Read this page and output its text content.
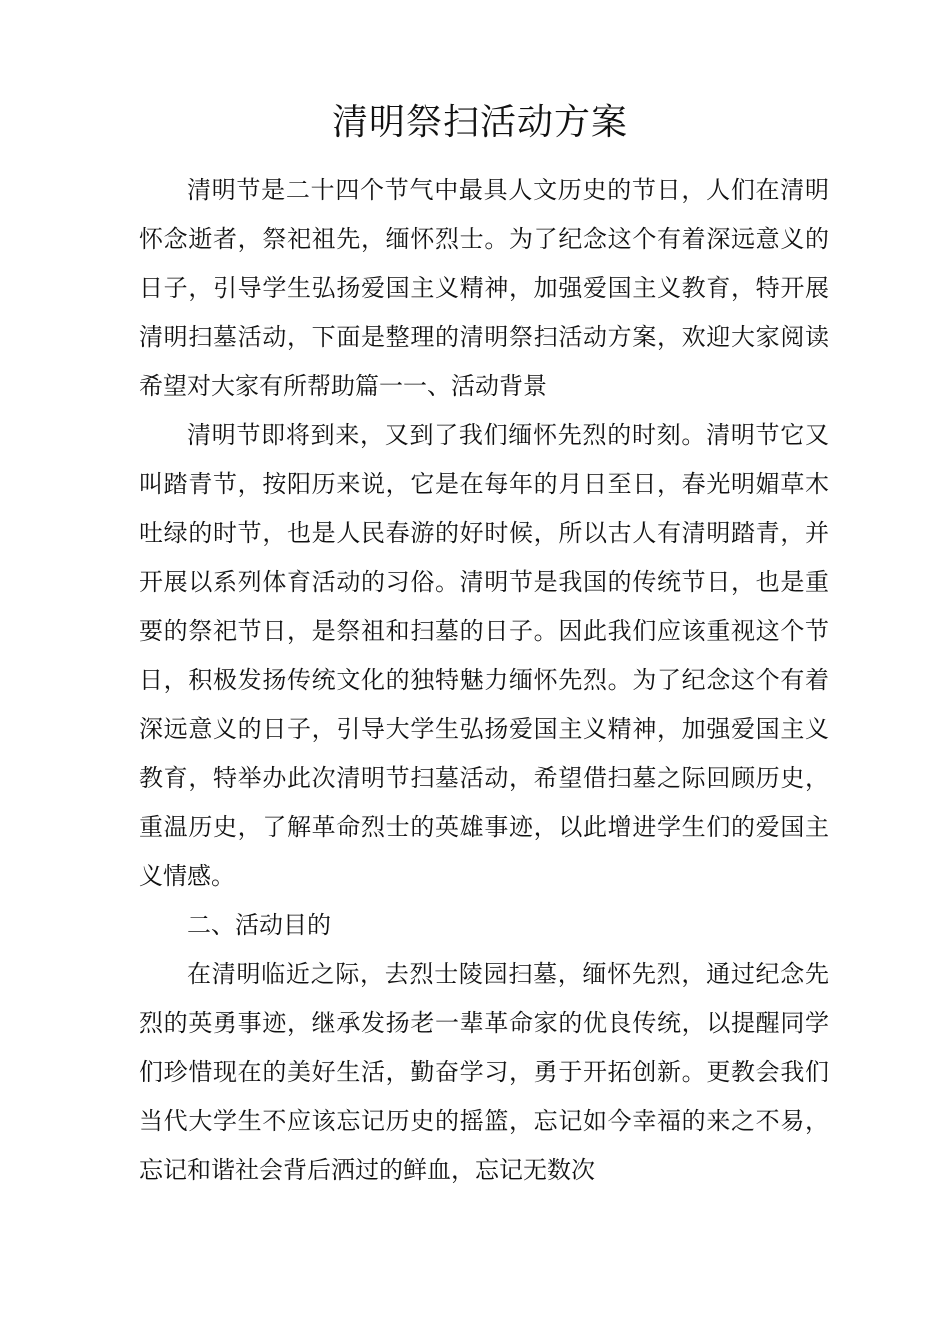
清明祭扫活动方案

清明节是二十四个节气中最具人文历史的节日，人们在清明怀念逝者，祭祀祖先，缅怀烈士。为了纪念这个有着深远意义的日子，引导学生弘扬爱国主义精神，加强爱国主义教育，特开展清明扫墓活动，下面是整理的清明祭扫活动方案，欢迎大家阅读希望对大家有所帮助篇一一、活动背景

清明节即将到来，又到了我们缅怀先烈的时刻。清明节它又叫踏青节，按阳历来说，它是在每年的月日至日，春光明媚草木吐绿的时节，也是人民春游的好时候，所以古人有清明踏青，并开展以系列体育活动的习俗。清明节是我国的传统节日，也是重要的祭祀节日，是祭祖和扫墓的日子。因此我们应该重视这个节日，积极发扬传统文化的独特魅力缅怀先烈。为了纪念这个有着深远意义的日子，引导大学生弘扬爱国主义精神，加强爱国主义教育，特举办此次清明节扫墓活动，希望借扫墓之际回顾历史，重温历史，了解革命烈士的英雄事迹，以此增进学生们的爱国主义情感。

二、活动目的

在清明临近之际，去烈士陵园扫墓，缅怀先烈，通过纪念先烈的英勇事迹，继承发扬老一辈革命家的优良传统，以提醒同学们珍惜现在的美好生活，勤奋学习，勇于开拓创新。更教会我们当代大学生不应该忘记历史的摇篮，忘记如今幸福的来之不易，忘记和谐社会背后洒过的鲜血，忘记无数次
